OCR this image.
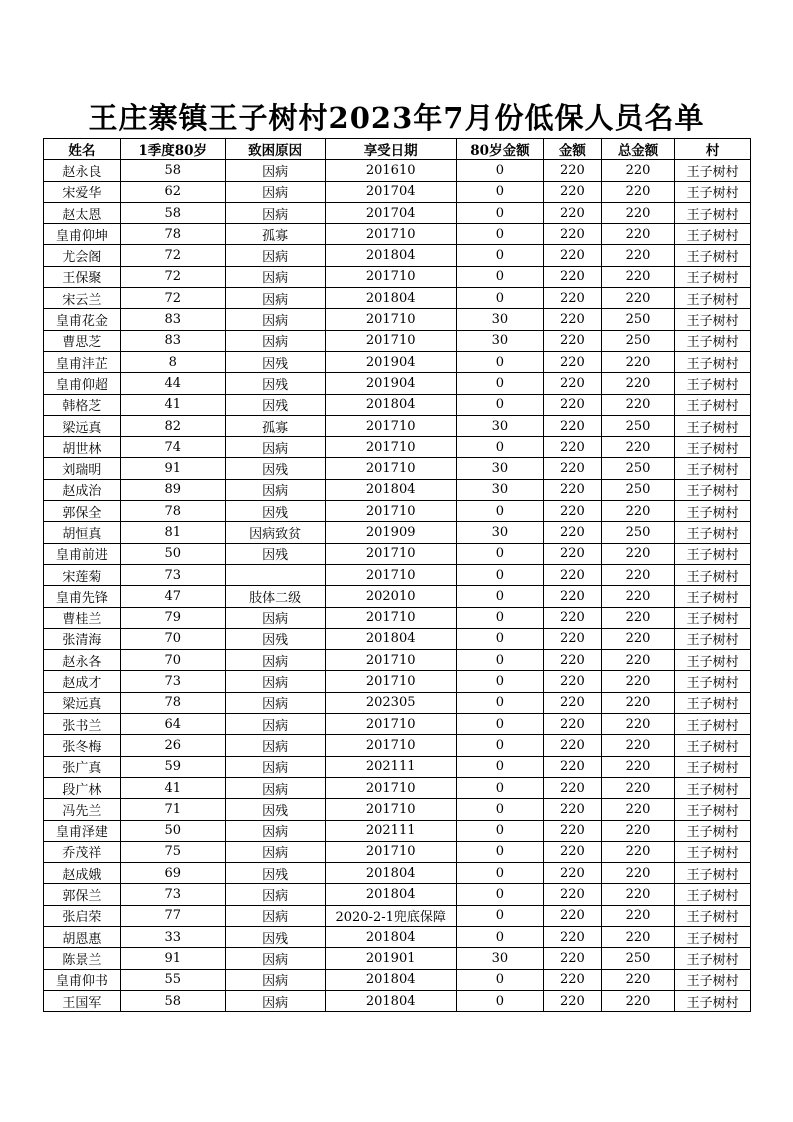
王庄寨镇王子树村2023年7月份低保人员名单
姓名	1季度80岁	致困原因	享受日期	80岁金额	金额	总金额	村
赵永良	58	因病	201610	0	220	220	王子树村
宋爱华	62	因病	201704	0	220	220	王子树村
赵太恩	58	因病	201704	0	220	220	王子树村
皇甫仰坤	78	孤寡	201710	0	220	220	王子树村
尤会阁	72	因病	201804	0	220	220	王子树村
王保聚	72	因病	201710	0	220	220	王子树村
宋云兰	72	因病	201804	0	220	220	王子树村
皇甫花金	83	因病	201710	30	220	250	王子树村
曹思芝	83	因病	201710	30	220	250	王子树村
皇甫沣芷	8	因残	201904	0	220	220	王子树村
皇甫仰超	44	因残	201904	0	220	220	王子树村
韩格芝	41	因残	201804	0	220	220	王子树村
梁远真	82	孤寡	201710	30	220	250	王子树村
胡世林	74	因病	201710	0	220	220	王子树村
刘瑞明	91	因残	201710	30	220	250	王子树村
赵成治	89	因病	201804	30	220	250	王子树村
郭保全	78	因残	201710	0	220	220	王子树村
胡恒真	81	因病致贫	201909	30	220	250	王子树村
皇甫前进	50	因残	201710	0	220	220	王子树村
宋莲菊	73		201710	0	220	220	王子树村
皇甫先锋	47	肢体二级	202010	0	220	220	王子树村
曹桂兰	79	因病	201710	0	220	220	王子树村
张清海	70	因残	201804	0	220	220	王子树村
赵永各	70	因病	201710	0	220	220	王子树村
赵成才	73	因病	201710	0	220	220	王子树村
梁远真	78	因病	202305	0	220	220	王子树村
张书兰	64	因病	201710	0	220	220	王子树村
张冬梅	26	因病	201710	0	220	220	王子树村
张广真	59	因病	202111	0	220	220	王子树村
段广林	41	因病	201710	0	220	220	王子树村
冯先兰	71	因残	201710	0	220	220	王子树村
皇甫泽建	50	因病	202111	0	220	220	王子树村
乔茂祥	75	因病	201710	0	220	220	王子树村
赵成娥	69	因残	201804	0	220	220	王子树村
郭保兰	73	因病	201804	0	220	220	王子树村
张启荣	77	因病	2020-2-1兜底保障	0	220	220	王子树村
胡恩惠	33	因残	201804	0	220	220	王子树村
陈景兰	91	因病	201901	30	220	250	王子树村
皇甫仰书	55	因病	201804	0	220	220	王子树村
王国军	58	因病	201804	0	220	220	王子树村
